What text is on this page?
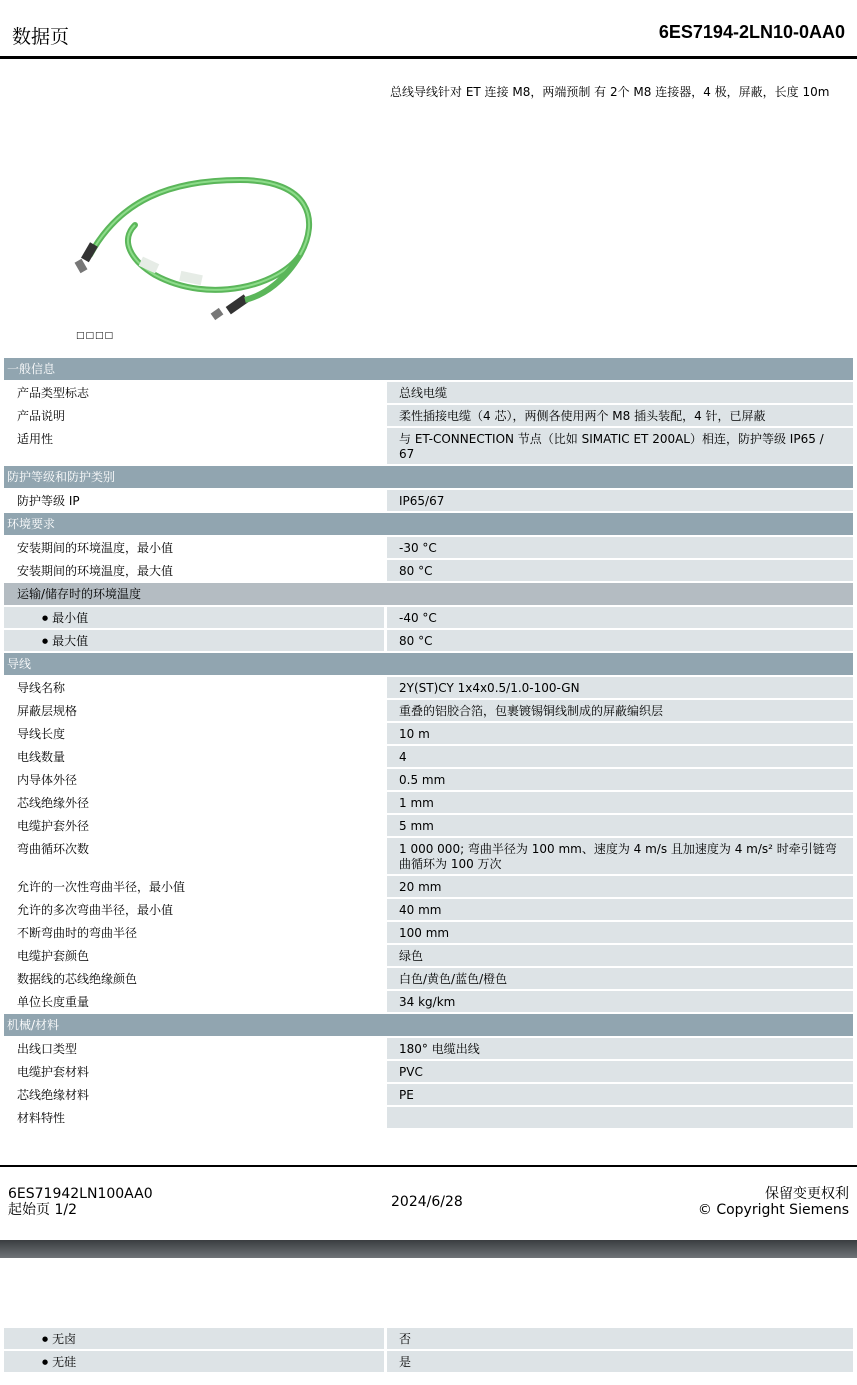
数据页	6ES7194-2LN10-0AA0
总线导线针对 ET 连接 M8，两端预制 有 2个 M8 连接器，4 极，屏蔽，长度 10m
□□□□
一般信息
产品类型标志	总线电缆
产品说明	柔性插接电缆（4 芯），两侧各使用两个 M8 插头装配，4 针，已屏蔽
适用性	与 ET-CONNECTION 节点（比如 SIMATIC ET 200AL）相连，防护等级 IP65 / 67
防护等级和防护类别
防护等级 IP	IP65/67
环境要求
安装期间的环境温度，最小值	-30 °C
安装期间的环境温度，最大值	80 °C
运输/储存时的环境温度
● 最小值	-40 °C
● 最大值	80 °C
导线
导线名称	2Y(ST)CY 1x4x0.5/1.0-100-GN
屏蔽层规格	重叠的铝胶合箔，包裹镀锡铜线制成的屏蔽编织层
导线长度	10 m
电线数量	4
内导体外径	0.5 mm
芯线绝缘外径	1 mm
电缆护套外径	5 mm
弯曲循环次数	1 000 000; 弯曲半径为 100 mm、速度为 4 m/s 且加速度为 4 m/s² 时牵引链弯曲循环为 100 万次
允许的一次性弯曲半径，最小值	20 mm
允许的多次弯曲半径，最小值	40 mm
不断弯曲时的弯曲半径	100 mm
电缆护套颜色	绿色
数据线的芯线绝缘颜色	白色/黄色/蓝色/橙色
单位长度重量	34 kg/km
机械/材料
出线口类型	180° 电缆出线
电缆护套材料	PVC
芯线绝缘材料	PE
材料特性
6ES71942LN100AA0
起始页 1/2	2024/6/28	保留变更权利
© Copyright Siemens
● 无卤	否
● 无硅	是
